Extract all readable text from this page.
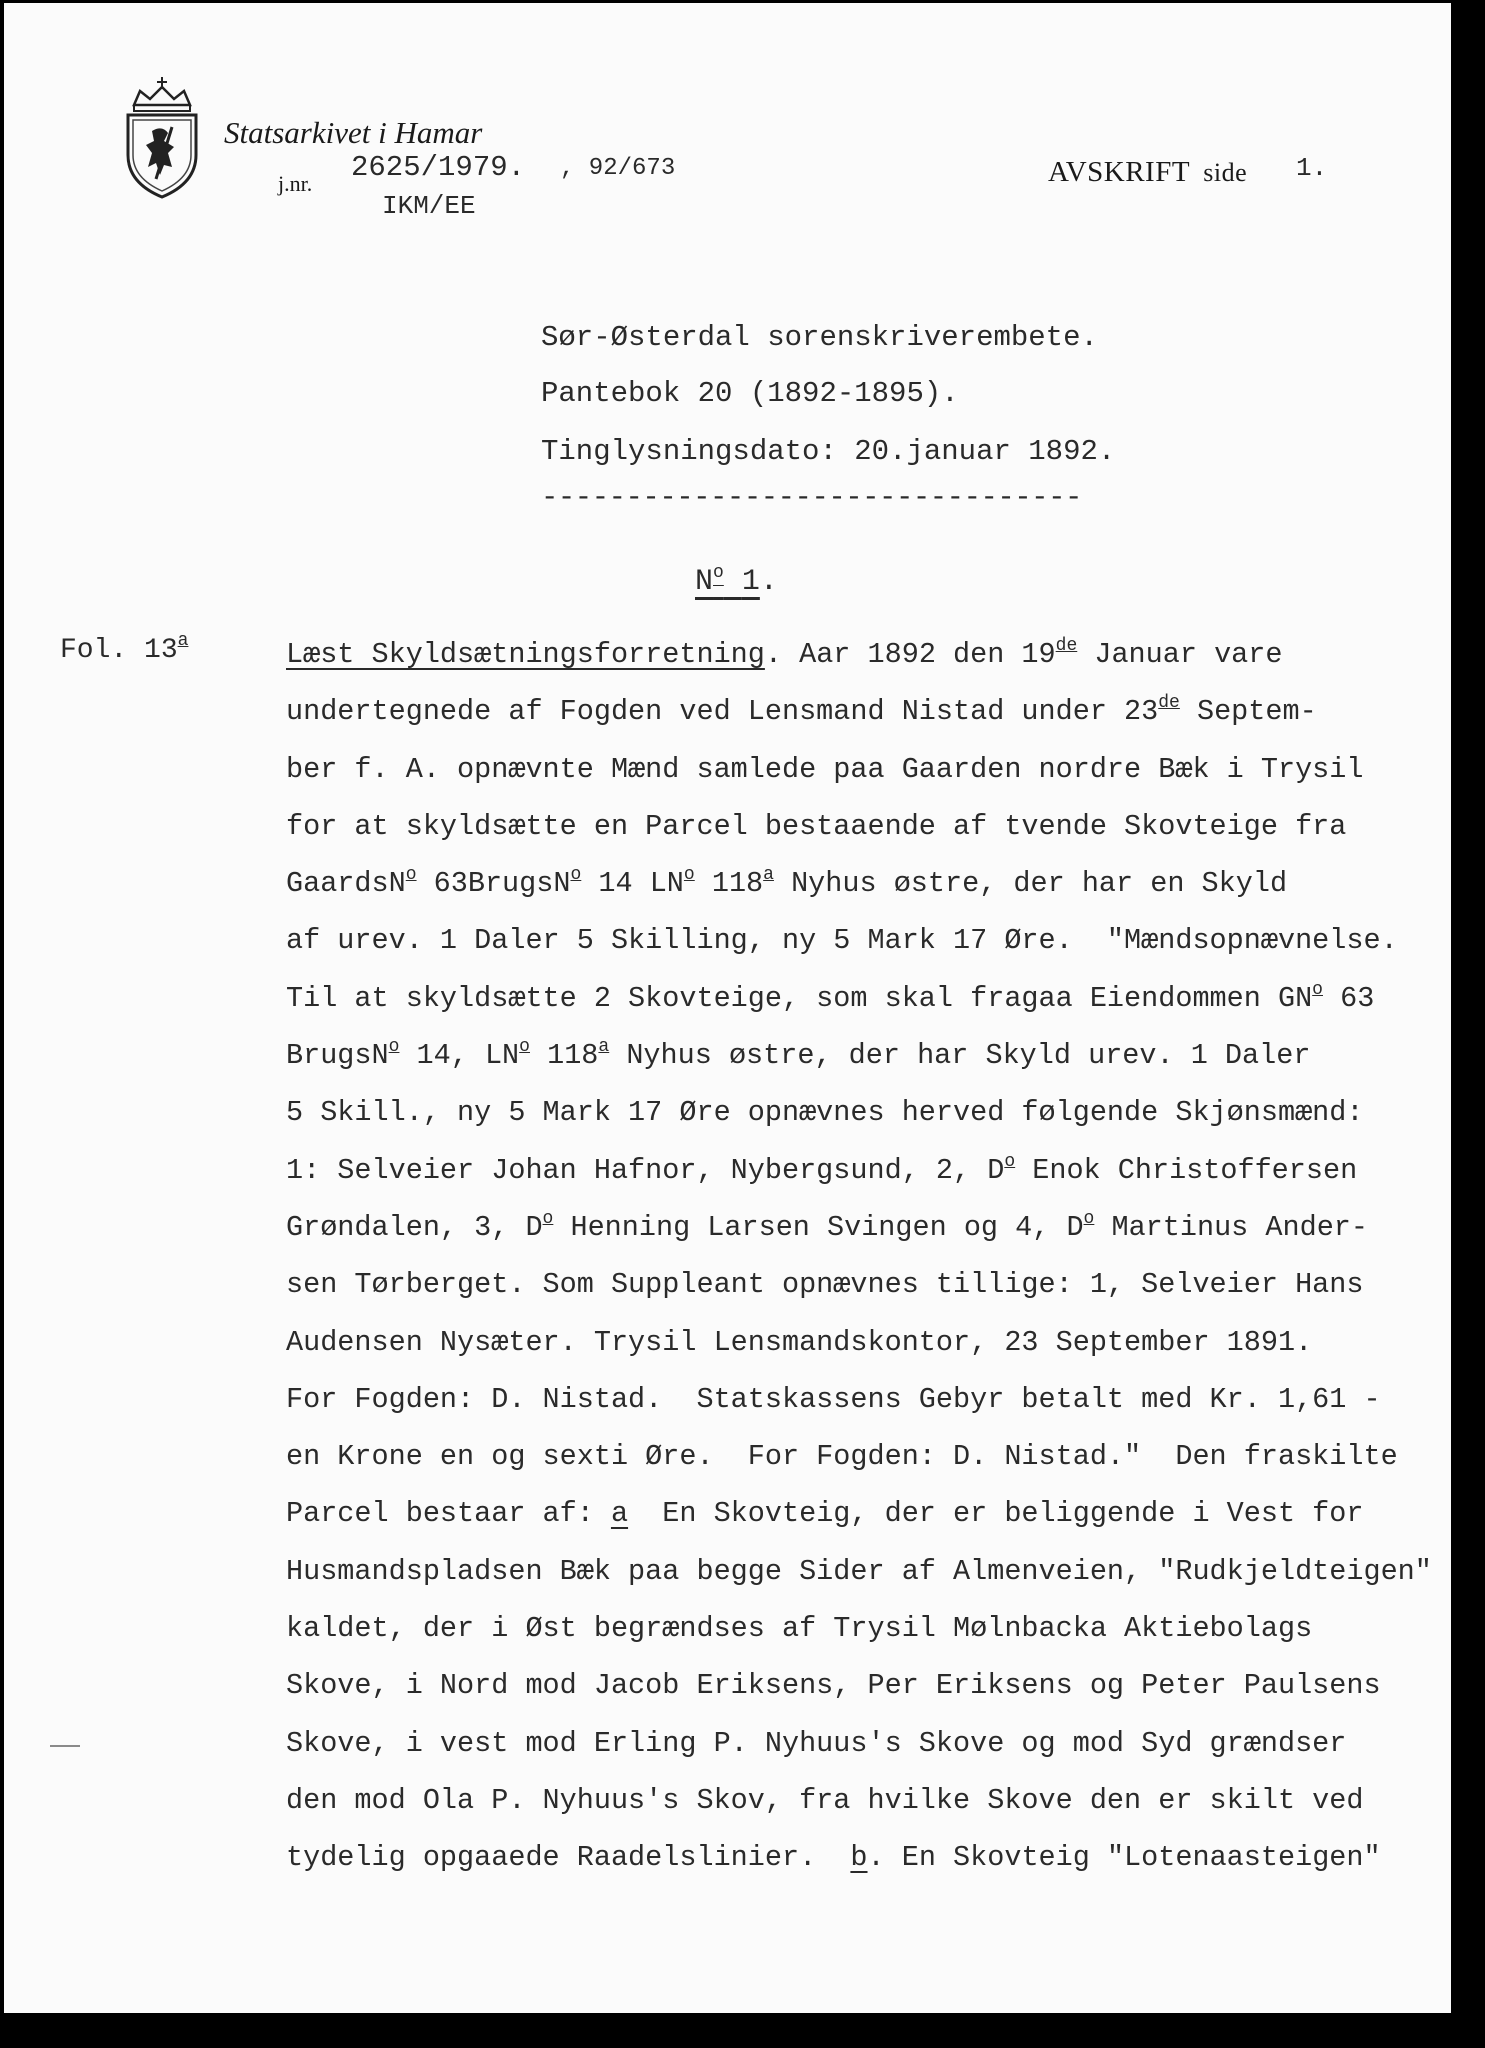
Statsarkivet i Hamar
j.nr. 2625/1979. , 92/673
IKM/EE
AVSKRIFT side 1.
Sør-Østerdal sorenskriverembete.
Pantebok 20 (1892-1895).
Tinglysningsdato: 20.januar 1892.
--------------------------------
$N^o$ 1.
Fol. 13$^a$	Læst Skyldsætningsforretning. Aar 1892 den 19de Januar vare
undertegnede af Fogden ved Lensmand Nistad under 23de Septem-
ber f. A. opnævnte Mænd samlede paa Gaarden nordre Bæk i Trysil
for at skyldsætte en Parcel bestaaende af tvende Skovteige fra
GaardsN$^o$ 63BrugsN$^o$ 14 $LN^o$ 118$^a$ Nyhus østre, der har en Skyld
af urev. 1 Daler 5 Skilling, ny 5 Mark 17 Øre.  "Mændsopnævnelse.
Til at skyldsætte 2 Skovteige, som skal fragaa Eiendommen $GN^o$ 63
BrugsN$^o$ 14, $LN^o$ 118$^a$ Nyhus østre, der har Skyld urev. 1 Daler
5 Skill., ny 5 Mark 17 Øre opnævnes herved følgende Skjønsmænd:
1: Selveier Johan Hafnor, Nybergsund, 2, $D^o$ Enok Christoffersen
Grøndalen, 3, $D^o$ Henning Larsen Svingen og 4, $D^o$ Martinus Ander-
sen Tørberget. Som Suppleant opnævnes tillige: 1, Selveier Hans
Audensen Nysæter. Trysil Lensmandskontor, 23 September 1891.
For Fogden: D. Nistad.  Statskassens Gebyr betalt med Kr. 1,61 -
en Krone en og sexti Øre.  For Fogden: D. Nistad."  Den fraskilte
Parcel bestaar af: a  En Skovteig, der er beliggende i Vest for
Husmandspladsen Bæk paa begge Sider af Almenveien, "Rudkjeldteigen"
kaldet, der i Øst begrændses af Trysil Mølnbacka Aktiebolags
Skove, i Nord mod Jacob Eriksens, Per Eriksens og Peter Paulsens
Skove, i vest mod Erling P. Nyhuus's Skove og mod Syd grændser
den mod Ola P. Nyhuus's Skov, fra hvilke Skove den er skilt ved
tydelig opgaaede Raadelslinier.  b. En Skovteig "Lotenaasteigen"
